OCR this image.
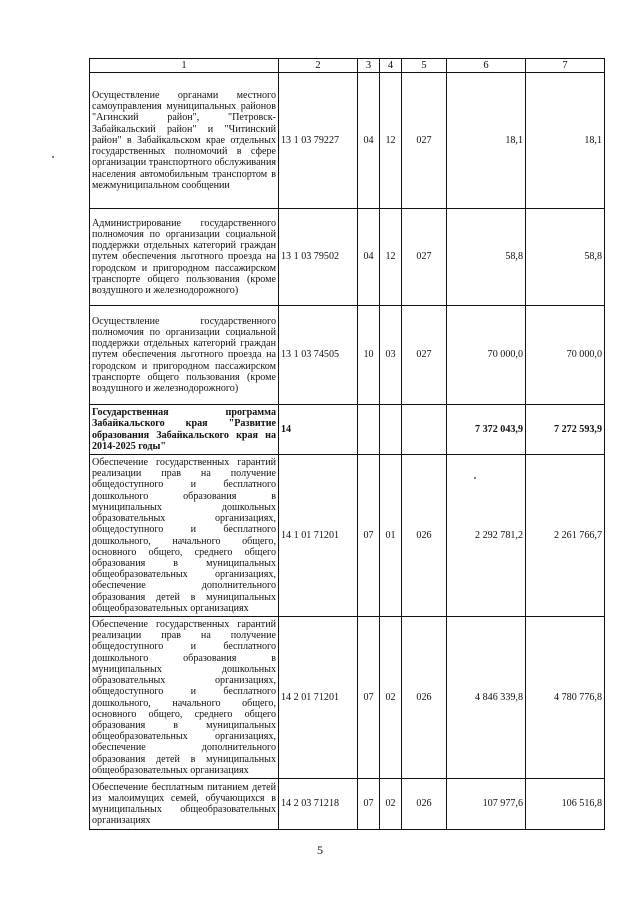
1	2	3	4	5	6	7
Осуществление органами местного самоуправления муниципальных районов "Агинский район", "Петровск-Забайкальский район" и "Читинский район" в Забайкальском крае отдельных государственных полномочий в сфере организации транспортного обслуживания населения автомобильным транспортом в межмуниципальном сообщении	13 1 03 79227	04	12	027	18,1	18,1
Администрирование государственного полномочия по организации социальной поддержки отдельных категорий граждан путем обеспечения льготного проезда на городском и пригородном пассажирском транспорте общего пользования (кроме воздушного и железнодорожного)	13 1 03 79502	04	12	027	58,8	58,8
Осуществление государственного полномочия по организации социальной поддержки отдельных категорий граждан путем обеспечения льготного проезда на городском и пригородном пассажирском транспорте общего пользования (кроме воздушного и железнодорожного)	13 1 03 74505	10	03	027	70 000,0	70 000,0
Государственная программа Забайкальского края "Развитие образования Забайкальского края на 2014-2025 годы"	14				7 372 043,9	7 272 593,9
Обеспечение государственных гарантий реализации прав на получение общедоступного и бесплатного дошкольного образования в муниципальных дошкольных образовательных организациях, общедоступного и бесплатного дошкольного, начального общего, основного общего, среднего общего образования в муниципальных общеобразовательных организациях, обеспечение дополнительного образования детей в муниципальных общеобразовательных организациях	14 1 01 71201	07	01	026	2 292 781,2	2 261 766,7
Обеспечение государственных гарантий реализации прав на получение общедоступного и бесплатного дошкольного образования в муниципальных дошкольных образовательных организациях, общедоступного и бесплатного дошкольного, начального общего, основного общего, среднего общего образования в муниципальных общеобразовательных организациях, обеспечение дополнительного образования детей в муниципальных общеобразовательных организациях	14 2 01 71201	07	02	026	4 846 339,8	4 780 776,8
Обеспечение бесплатным питанием детей из малоимущих семей, обучающихся в муниципальных общеобразовательных организациях	14 2 03 71218	07	02	026	107 977,6	106 516,8
5
